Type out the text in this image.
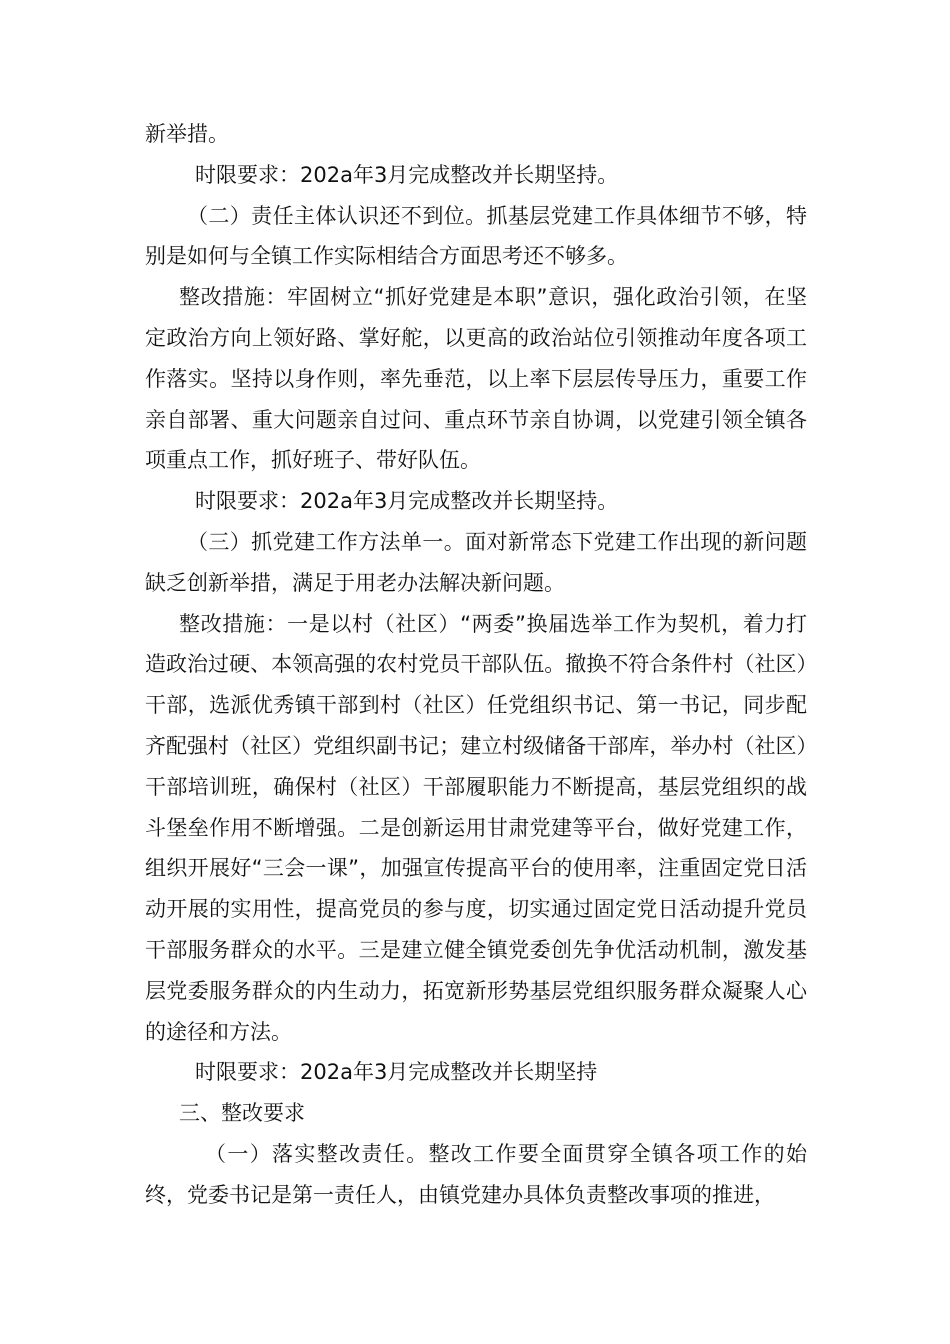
新举措。

时限要求：202a年3月完成整改并长期坚持。

（二）责任主体认识还不到位。抓基层党建工作具体细节不够，特别是如何与全镇工作实际相结合方面思考还不够多。

整改措施：牢固树立“抓好党建是本职”意识，强化政治引领，在坚定政治方向上领好路、掌好舵，以更高的政治站位引领推动年度各项工作落实。坚持以身作则，率先垂范，以上率下层层传导压力，重要工作亲自部署、重大问题亲自过问、重点环节亲自协调，以党建引领全镇各项重点工作，抓好班子、带好队伍。

时限要求：202a年3月完成整改并长期坚持。

（三）抓党建工作方法单一。面对新常态下党建工作出现的新问题缺乏创新举措，满足于用老办法解决新问题。

整改措施：一是以村（社区）“两委”换届选举工作为契机，着力打造政治过硬、本领高强的农村党员干部队伍。撤换不符合条件村（社区）干部，选派优秀镇干部到村（社区）任党组织书记、第一书记，同步配齐配强村（社区）党组织副书记；建立村级储备干部库，举办村（社区）干部培训班，确保村（社区）干部履职能力不断提高，基层党组织的战斗堡垒作用不断增强。二是创新运用甘肃党建等平台，做好党建工作，组织开展好“三会一课”，加强宣传提高平台的使用率，注重固定党日活动开展的实用性，提高党员的参与度，切实通过固定党日活动提升党员干部服务群众的水平。三是建立健全镇党委创先争优活动机制，激发基层党委服务群众的内生动力，拓宽新形势基层党组织服务群众凝聚人心的途径和方法。

时限要求：202a年3月完成整改并长期坚持

三、整改要求

（一）落实整改责任。整改工作要全面贯穿全镇各项工作的始终，党委书记是第一责任人，由镇党建办具体负责整改事项的推进，
